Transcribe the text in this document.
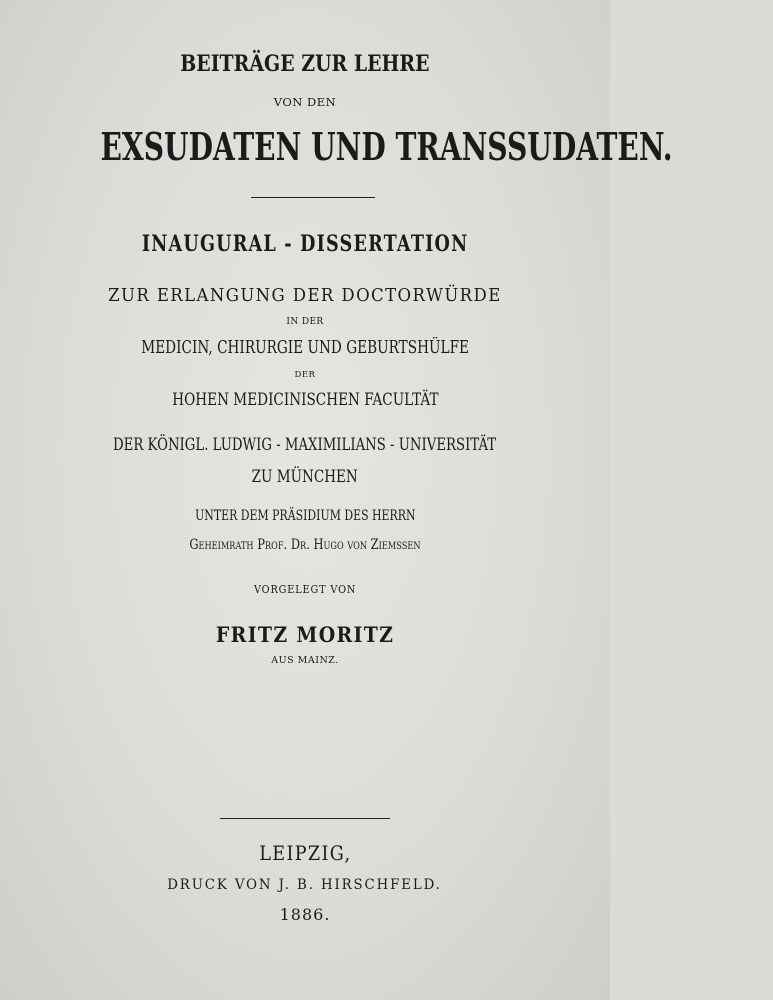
BEITRÄGE ZUR LEHRE
VON DEN
EXSUDATEN UND TRANSSUDATEN.
INAUGURAL - DISSERTATION
ZUR ERLANGUNG DER DOCTORWÜRDE
IN DER
MEDICIN, CHIRURGIE UND GEBURTSHÜLFE
DER
HOHEN MEDICINISCHEN FACULTÄT
DER KÖNIGL. LUDWIG - MAXIMILIANS - UNIVERSITÄT
ZU MÜNCHEN
UNTER DEM PRÄSIDIUM DES HERRN
Geheimrath Prof. Dr. Hugo von Ziemssen
VORGELEGT VON
FRITZ MORITZ
AUS MAINZ.
LEIPZIG,
DRUCK VON J. B. HIRSCHFELD.
1886.
